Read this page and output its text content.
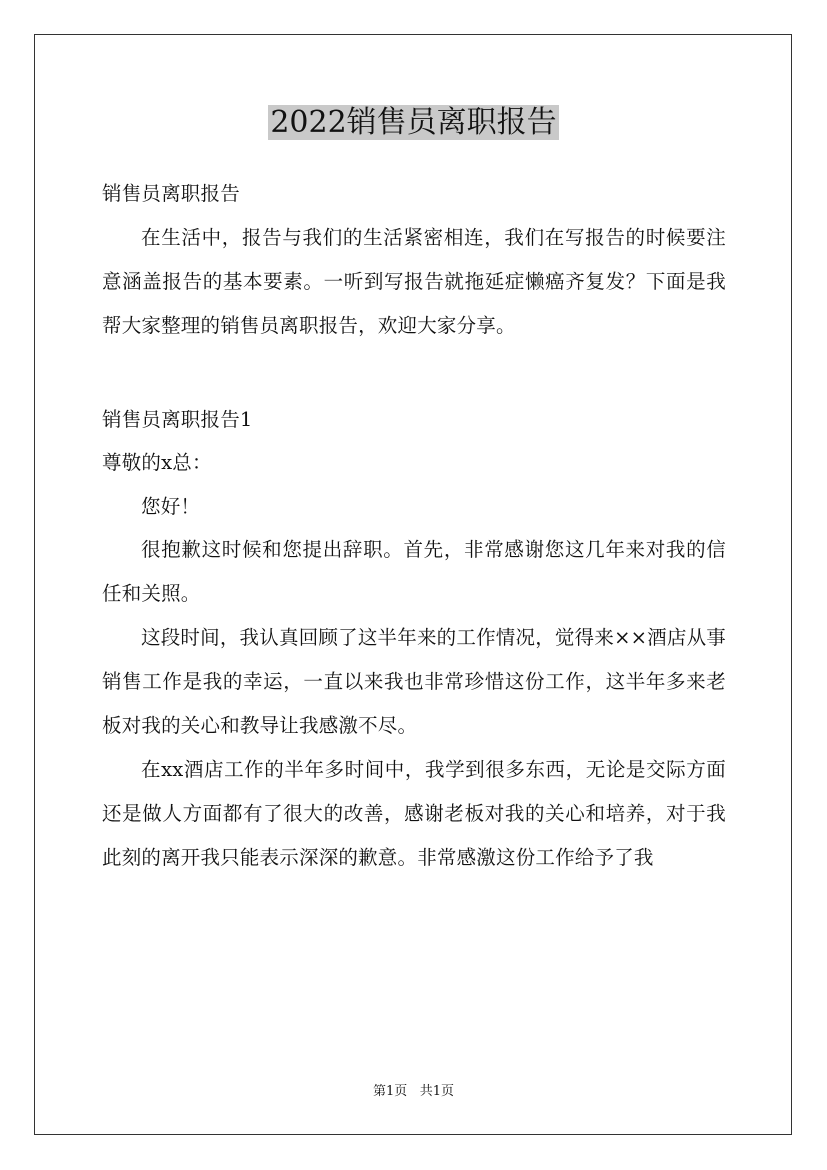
2022销售员离职报告
销售员离职报告

在生活中，报告与我们的生活紧密相连，我们在写报告的时候要注意涵盖报告的基本要素。一听到写报告就拖延症懒癌齐复发？下面是我帮大家整理的销售员离职报告，欢迎大家分享。

销售员离职报告1
尊敬的x总：
您好！

很抱歉这时候和您提出辞职。首先，非常感谢您这几年来对我的信任和关照。

这段时间，我认真回顾了这半年来的工作情况，觉得来××酒店从事销售工作是我的幸运，一直以来我也非常珍惜这份工作，这半年多来老板对我的关心和教导让我感激不尽。

在xx酒店工作的半年多时间中，我学到很多东西，无论是交际方面还是做人方面都有了很大的改善，感谢老板对我的关心和培养，对于我此刻的离开我只能表示深深的歉意。非常感激这份工作给予了我

第1页 共1页
